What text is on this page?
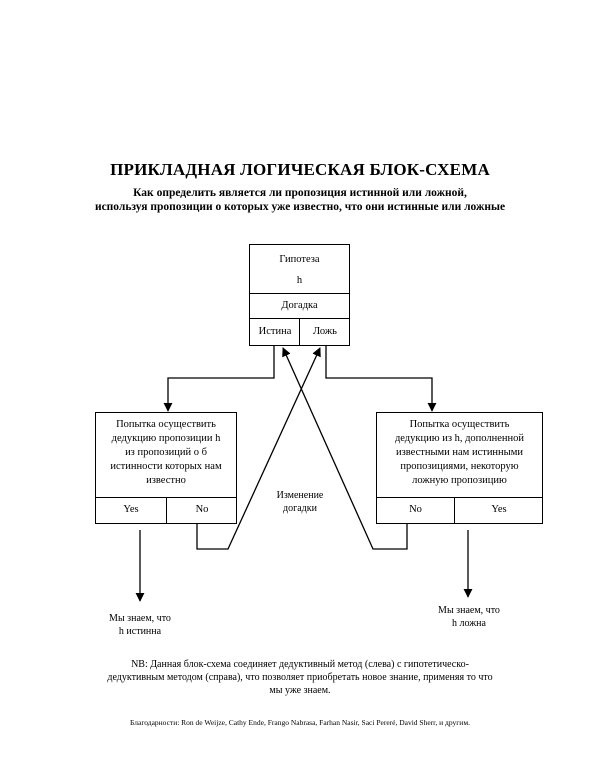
ПРИКЛАДНАЯ ЛОГИЧЕСКАЯ БЛОК-СХЕМА
Как определить является ли пропозиция истинной или ложной,
используя пропозиции о которых уже известно, что они истинные или ложные
Гипотеза
h
Догадка
Истина	Ложь
Попытка осуществить
дедукцию пропозиции h
из пропозиций о б
истинности которых нам
известно
Yes	No
Попытка осуществить
дедукцию из h, дополненной
известными нам истинными
пропозициями, некоторую
ложную пропозицию
No	Yes
Изменение
догадки
Мы знаем, что
h истинна
Мы знаем, что
h ложна
NB: Данная блок-схема соединяет дедуктивный метод (слева) с гипотетическо-
дедуктивным методом (справа), что позволяет приобретать новое знание, применяя то что
мы уже знаем.
Благодарности: Ron de Weijze, Cathy Ende, Frango Nabrasa, Farhan Nasir, Saci Pereré, David Sherr, и другим.
